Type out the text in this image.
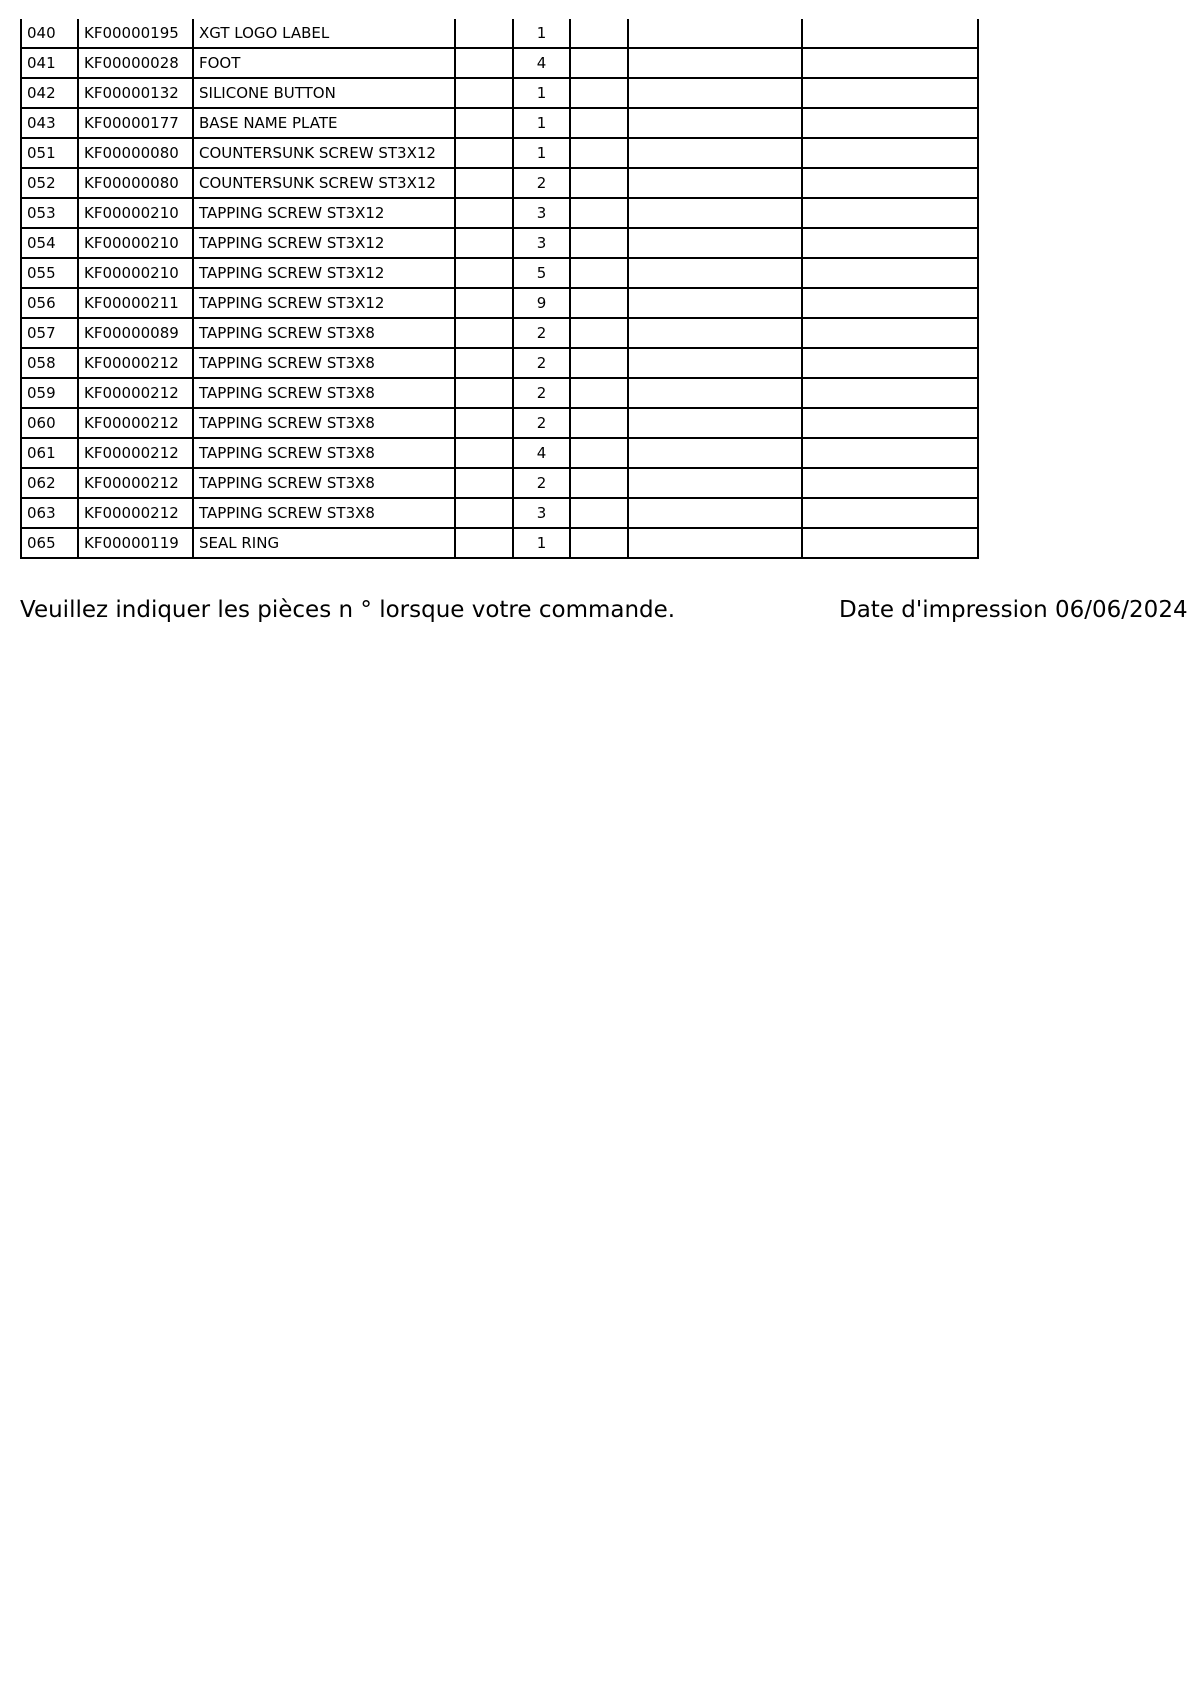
040	KF00000195	XGT LOGO LABEL		1			
041	KF00000028	FOOT		4			
042	KF00000132	SILICONE BUTTON		1			
043	KF00000177	BASE NAME PLATE		1			
051	KF00000080	COUNTERSUNK SCREW ST3X12		1			
052	KF00000080	COUNTERSUNK SCREW ST3X12		2			
053	KF00000210	TAPPING SCREW ST3X12		3			
054	KF00000210	TAPPING SCREW ST3X12		3			
055	KF00000210	TAPPING SCREW ST3X12		5			
056	KF00000211	TAPPING SCREW ST3X12		9			
057	KF00000089	TAPPING SCREW ST3X8		2			
058	KF00000212	TAPPING SCREW ST3X8		2			
059	KF00000212	TAPPING SCREW ST3X8		2			
060	KF00000212	TAPPING SCREW ST3X8		2			
061	KF00000212	TAPPING SCREW ST3X8		4			
062	KF00000212	TAPPING SCREW ST3X8		2			
063	KF00000212	TAPPING SCREW ST3X8		3			
065	KF00000119	SEAL RING		1			
Veuillez indiquer les pièces n ° lorsque votre commande.	Date d'impression 06/06/2024
